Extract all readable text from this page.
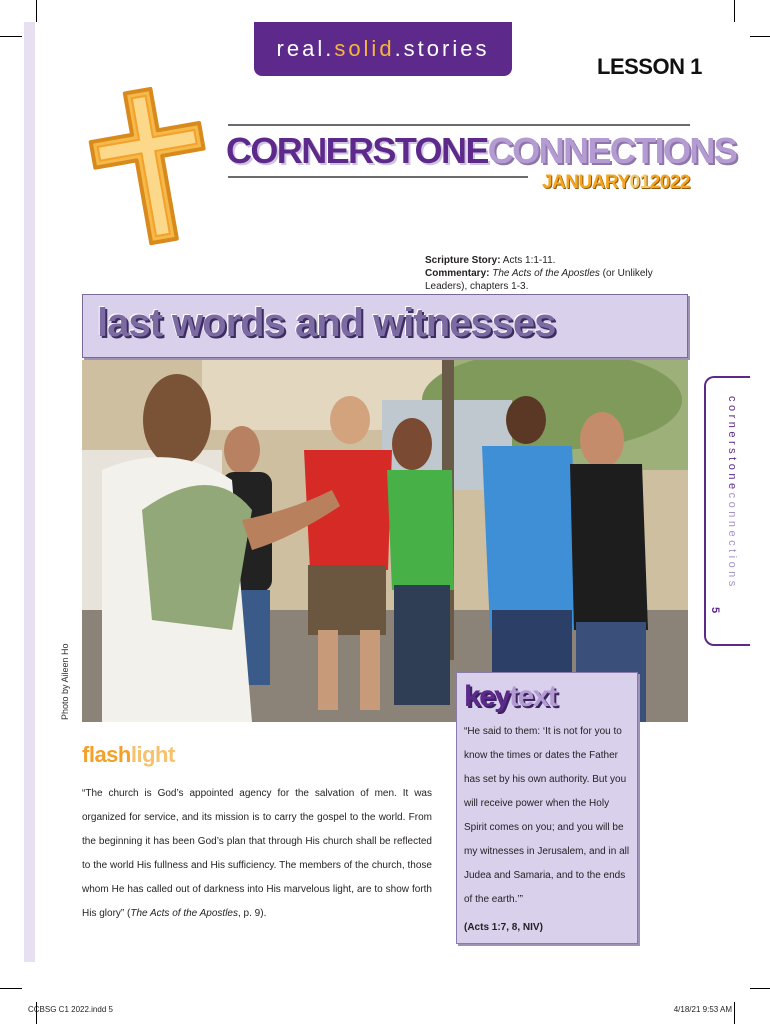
real. solid .stories
LESSON 1
CORNERSTONECONNECTIONS
JANUARY012022
Scripture Story: Acts 1:1-11.
Commentary: The Acts of the Apostles (or Unlikely Leaders), chapters 1-3.
last words and witnesses
Photo by Aileen Ho
cornerstoneconnections
5
flashlight
“The church is God’s appointed agency for the salvation of men. It was organized for service, and its mission is to carry the gospel to the world. From the beginning it has been God’s plan that through His church shall be reflected to the world His fullness and His sufficiency. The members of the church, those whom He has called out of darkness into His marvelous light, are to show forth His glory” (The Acts of the Apostles, p. 9).
keytext
“He said to them: ‘It is not for you to know the times or dates the Father has set by his own authority. But you will receive power when the Holy Spirit comes on you; and you will be my witnesses in Jerusalem, and in all Judea and Samaria, and to the ends of the earth.’”
(Acts 1:7, 8, NIV)
CCBSG C1 2022.indd 5	4/18/21 9:53 AM
